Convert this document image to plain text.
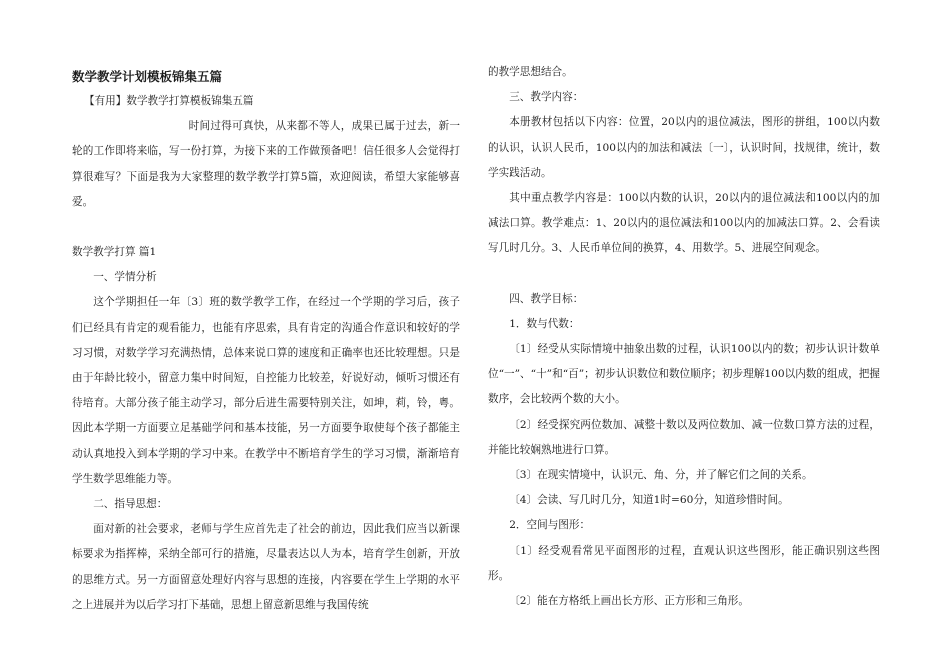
数学教学计划模板锦集五篇

【有用】数学教学打算模板锦集五篇

时间过得可真快，从来都不等人，成果已属于过去，新一轮的工作即将来临，写一份打算，为接下来的工作做预备吧！信任很多人会觉得打算很难写？下面是我为大家整理的数学教学打算5篇，欢迎阅读，希望大家能够喜爱。

数学教学打算 篇1

一、学情分析

这个学期担任一年〔3〕班的数学教学工作，在经过一个学期的学习后，孩子们已经具有肯定的观看能力，也能有序思索，具有肯定的沟通合作意识和较好的学习习惯，对数学学习充满热情，总体来说口算的速度和正确率也还比较理想。只是由于年龄比较小，留意力集中时间短，自控能力比较差，好说好动，倾听习惯还有待培育。大部分孩子能主动学习，部分后进生需要特别关注，如坤，莉，铃，粤。因此本学期一方面要立足基础学问和基本技能，另一方面要争取使每个孩子都能主动认真地投入到本学期的学习中来。在教学中不断培育学生的学习习惯，渐渐培育学生数学思维能力等。

二、指导思想：

面对新的社会要求，老师与学生应首先走了社会的前边，因此我们应当以新课标要求为指挥棒，采纳全部可行的措施，尽量表达以人为本，培育学生创新，开放的思维方式。另一方面留意处理好内容与思想的连接，内容要在学生上学期的水平之上进展并为以后学习打下基础，思想上留意新思维与我国传统

的教学思想结合。

三、教学内容：

本册教材包括以下内容：位置，20以内的退位减法，图形的拼组，100以内数的认识，认识人民币，100以内的加法和减法〔一〕，认识时间，找规律，统计，数学实践活动。

其中重点教学内容是：100以内数的认识，20以内的退位减法和100以内的加减法口算。教学难点：1、20以内的退位减法和100以内的加减法口算。2、会看读写几时几分。3、人民币单位间的换算，4、用数学。5、进展空间观念。

四、教学目标：

1．数与代数：

〔1〕经受从实际情境中抽象出数的过程，认识100以内的数；初步认识计数单位“一”、“十”和“百”；初步认识数位和数位顺序；初步理解100以内数的组成，把握数序，会比较两个数的大小。

〔2〕经受探究两位数加、减整十数以及两位数加、减一位数口算方法的过程，并能比较娴熟地进行口算。

〔3〕在现实情境中，认识元、角、分，并了解它们之间的关系。

〔4〕会读、写几时几分，知道1时=60分，知道珍惜时间。

2．空间与图形：

〔1〕经受观看常见平面图形的过程，直观认识这些图形，能正确识别这些图形。

〔2〕能在方格纸上画出长方形、正方形和三角形。
